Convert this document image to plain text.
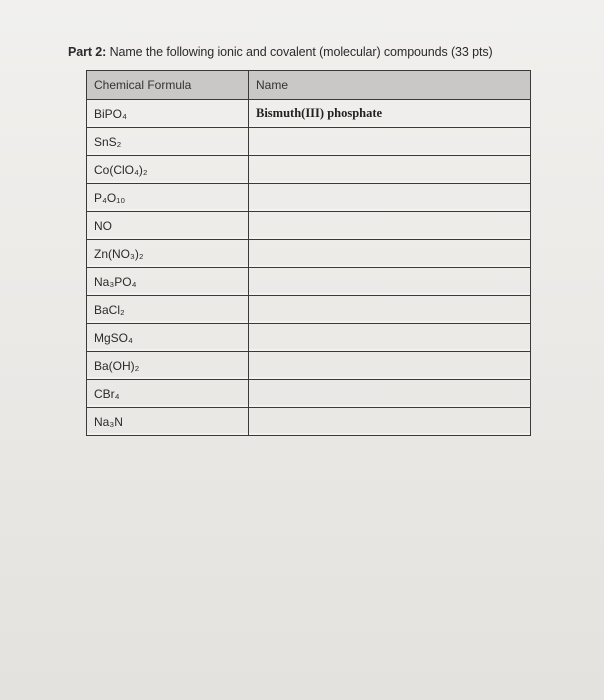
Part 2: Name the following ionic and covalent (molecular) compounds (33 pts)
Chemical Formula	Name
BiPO₄	Bismuth(III) phosphate
SnS₂	
Co(ClO₄)₂	
P₄O₁₀	
NO	
Zn(NO₃)₂	
Na₃PO₄	
BaCl₂	
MgSO₄	
Ba(OH)₂	
CBr₄	
Na₃N	
